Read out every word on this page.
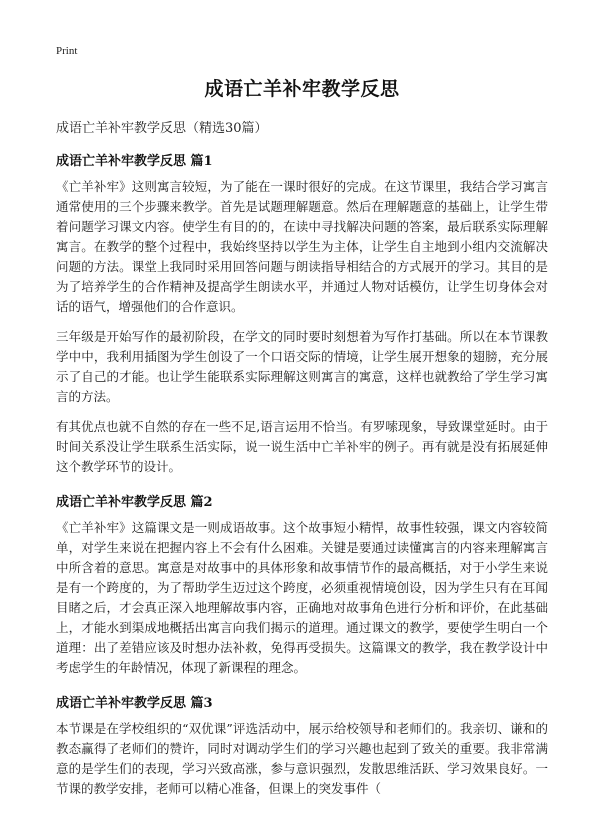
Print
成语亡羊补牢教学反思
成语亡羊补牢教学反思（精选30篇）
成语亡羊补牢教学反思 篇1

《亡羊补牢》这则寓言较短，为了能在一课时很好的完成。在这节课里，我结合学习寓言通常使用的三个步骤来教学。首先是试题理解题意。然后在理解题意的基础上，让学生带着问题学习课文内容。使学生有目的的，在读中寻找解决问题的答案，最后联系实际理解寓言。在教学的整个过程中，我始终坚持以学生为主体，让学生自主地到小组内交流解决问题的方法。课堂上我同时采用回答问题与朗读指导相结合的方式展开的学习。其目的是为了培养学生的合作精神及提高学生朗读水平，并通过人物对话模仿，让学生切身体会对话的语气，增强他们的合作意识。

三年级是开始写作的最初阶段，在学文的同时要时刻想着为写作打基础。所以在本节课教学中中，我利用插图为学生创设了一个口语交际的情境，让学生展开想象的翅膀，充分展示了自己的才能。也让学生能联系实际理解这则寓言的寓意，这样也就教给了学生学习寓言的方法。

有其优点也就不自然的存在一些不足,语言运用不恰当。有罗嗦现象，导致课堂延时。由于时间关系没让学生联系生活实际，说一说生活中亡羊补牢的例子。再有就是没有拓展延伸这个教学环节的设计。

成语亡羊补牢教学反思 篇2

《亡羊补牢》这篇课文是一则成语故事。这个故事短小精悍，故事性较强，课文内容较简单，对学生来说在把握内容上不会有什么困难。关键是要通过读懂寓言的内容来理解寓言中所含着的意思。寓意是对故事中的具体形象和故事情节作的最高概括，对于小学生来说是有一个跨度的，为了帮助学生迈过这个跨度，必须重视情境创设，因为学生只有在耳闻目睹之后，才会真正深入地理解故事内容，正确地对故事角色进行分析和评价，在此基础上，才能水到渠成地概括出寓言向我们揭示的道理。通过课文的教学，要使学生明白一个道理：出了差错应该及时想办法补救，免得再受损失。这篇课文的教学，我在教学设计中考虑学生的年龄情况，体现了新课程的理念。

成语亡羊补牢教学反思 篇3

本节课是在学校组织的“双优课”评选活动中，展示给校领导和老师们的。我亲切、谦和的教态赢得了老师们的赞许，同时对调动学生们的学习兴趣也起到了致关的重要。我非常满意的是学生们的表现，学习兴致高涨，参与意识强烈，发散思维活跃、学习效果良好。一节课的教学安排，老师可以精心准备，但课上的突发事件（
